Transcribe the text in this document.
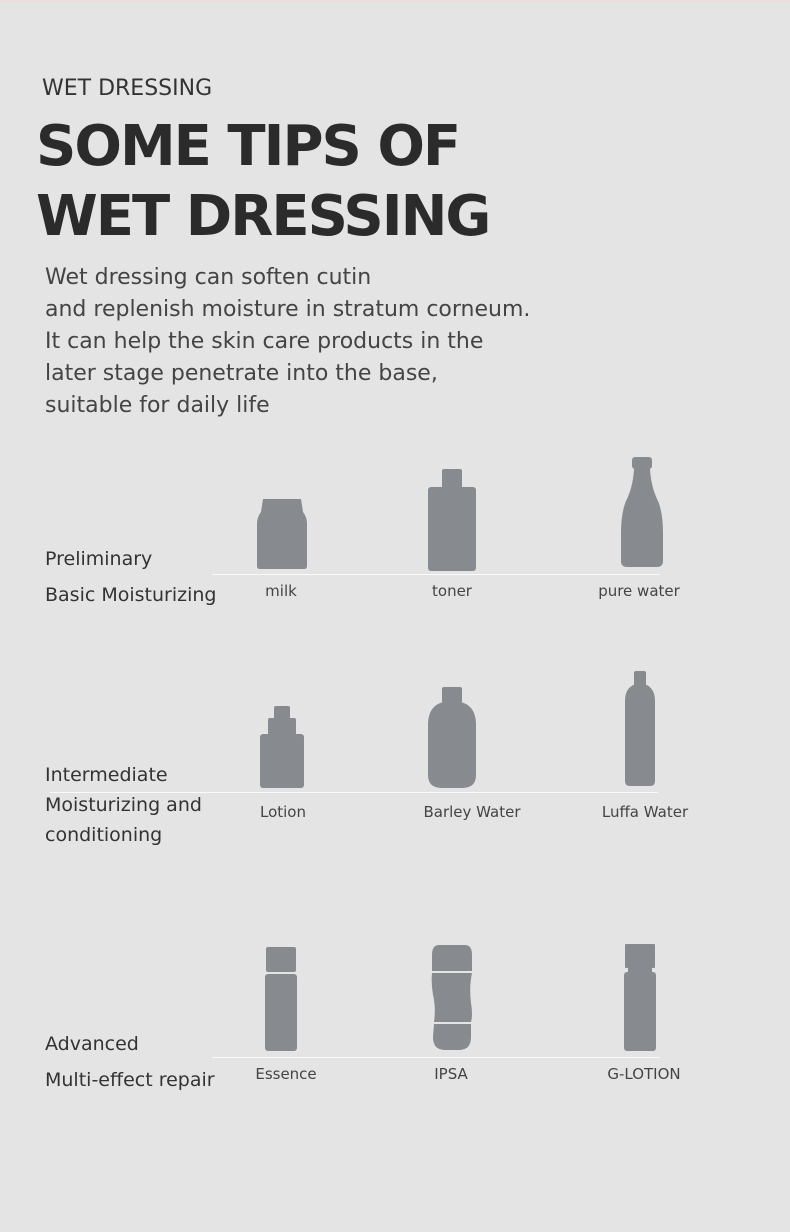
WET DRESSING
SOME TIPS OF
WET DRESSING
Wet dressing can soften cutin
and replenish moisture in stratum corneum.
It can help the skin care products in the
later stage penetrate into the base,
suitable for daily life
Preliminary
Basic Moisturizing	milk	toner	pure water
Intermediate
Moisturizing and
conditioning
Lotion	Barley Water	Luffa Water
Advanced
Multi-effect repair	Essence	IPSA	G-LOTION
